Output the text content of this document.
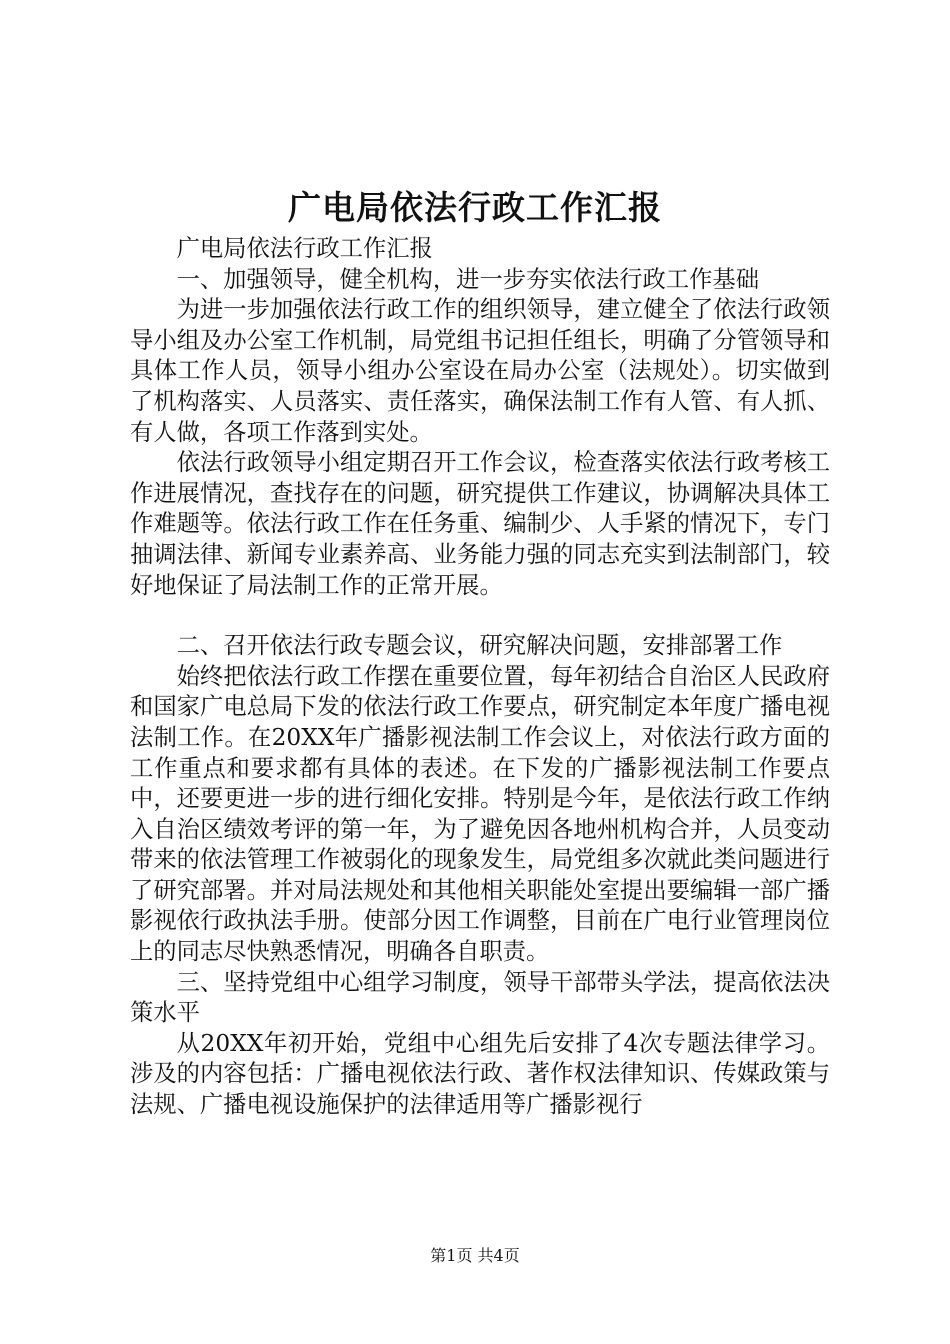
广电局依法行政工作汇报

广电局依法行政工作汇报

一、加强领导，健全机构，进一步夯实依法行政工作基础

为进一步加强依法行政工作的组织领导，建立健全了依法行政领导小组及办公室工作机制，局党组书记担任组长，明确了分管领导和具体工作人员，领导小组办公室设在局办公室（法规处）。切实做到了机构落实、人员落实、责任落实，确保法制工作有人管、有人抓、有人做，各项工作落到实处。

依法行政领导小组定期召开工作会议，检查落实依法行政考核工作进展情况，查找存在的问题，研究提供工作建议，协调解决具体工作难题等。依法行政工作在任务重、编制少、人手紧的情况下，专门抽调法律、新闻专业素养高、业务能力强的同志充实到法制部门，较好地保证了局法制工作的正常开展。

二、召开依法行政专题会议，研究解决问题，安排部署工作

始终把依法行政工作摆在重要位置，每年初结合自治区人民政府和国家广电总局下发的依法行政工作要点，研究制定本年度广播电视法制工作。在20XX年广播影视法制工作会议上，对依法行政方面的工作重点和要求都有具体的表述。在下发的广播影视法制工作要点中，还要更进一步的进行细化安排。特别是今年，是依法行政工作纳入自治区绩效考评的第一年，为了避免因各地州机构合并，人员变动带来的依法管理工作被弱化的现象发生，局党组多次就此类问题进行了研究部署。并对局法规处和其他相关职能处室提出要编辑一部广播影视依行政执法手册。使部分因工作调整，目前在广电行业管理岗位上的同志尽快熟悉情况，明确各自职责。

三、坚持党组中心组学习制度，领导干部带头学法，提高依法决策水平

从20XX年初开始，党组中心组先后安排了4次专题法律学习。涉及的内容包括：广播电视依法行政、著作权法律知识、传媒政策与法规、广播电视设施保护的法律适用等广播影视行

第1页 共4页
